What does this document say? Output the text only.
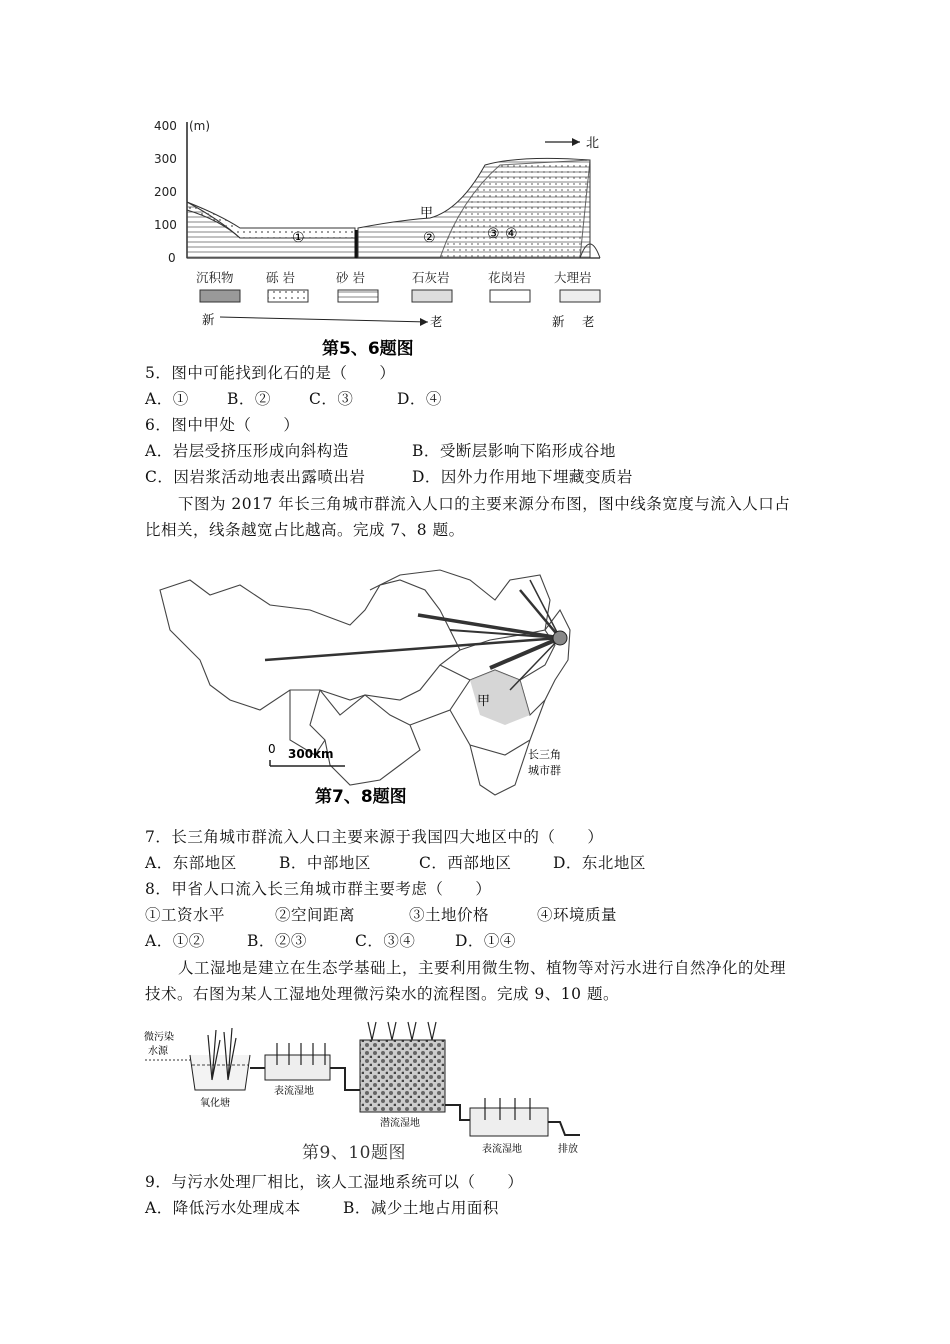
400
300
200
100
0
(m)
北
甲
①	②	③ ④
沉积物	砾 岩	砂 岩	石灰岩	花岗岩 大理岩
新	老	新 老
第5、6题图
5．图中可能找到化石的是（　　）
A．① B．② C．③	D．④
6．图中甲处（　　）
A．岩层受挤压形成向斜构造	B．受断层影响下陷形成谷地
C．因岩浆活动地表出露喷出岩	D．因外力作用地下埋藏变质岩
下图为 2017 年长三角城市群流入人口的主要来源分布图，图中线条宽度与流入人口占
比相关，线条越宽占比越高。完成 7、8 题。
甲
0 300km	长三角
城市群
第7、8题图
7．长三角城市群流入人口主要来源于我国四大地区中的（　　）
A．东部地区	B．中部地区	C．西部地区	D．东北地区
8．甲省人口流入长三角城市群主要考虑（　　）
①工资水平	②空间距离	③土地价格	④环境质量
A．①②	B．②③	C．③④	D．①④
人工湿地是建立在生态学基础上，主要利用微生物、植物等对污水进行自然净化的处理
技术。右图为某人工湿地处理微污染水的流程图。完成 9、10 题。
微污染
水源
氧化塘
表流湿地
潜流湿地
表流湿地	排放
第9、10题图
9．与污水处理厂相比，该人工湿地系统可以（　　）
A．降低污水处理成本	B．减少土地占用面积
